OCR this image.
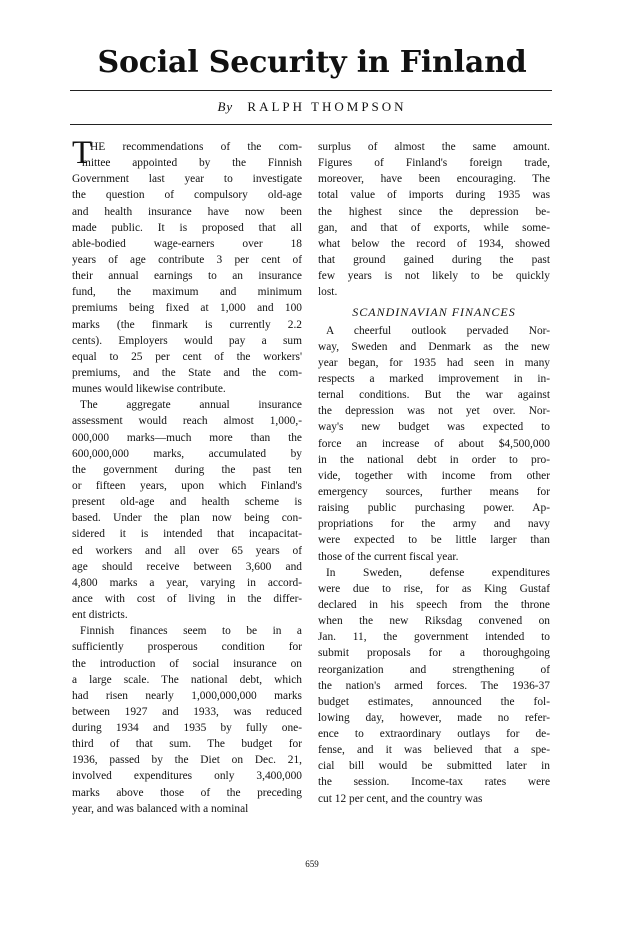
Social Security in Finland
By RALPH THOMPSON
T
HE recommendations of the com-
mittee appointed by the Finnish
Government last year to investigate
the question of compulsory old-age
and health insurance have now been
made public. It is proposed that all
able-bodied wage-earners over 18
years of age contribute 3 per cent of
their annual earnings to an insurance
fund, the maximum and minimum
premiums being fixed at 1,000 and 100
marks (the finmark is currently 2.2
cents). Employers would pay a sum
equal to 25 per cent of the workers'
premiums, and the State and the com-
munes would likewise contribute.
The aggregate annual insurance
assessment would reach almost 1,000,-
000,000 marks—much more than the
600,000,000 marks, accumulated by
the government during the past ten
or fifteen years, upon which Finland's
present old-age and health scheme is
based. Under the plan now being con-
sidered it is intended that incapacitat-
ed workers and all over 65 years of
age should receive between 3,600 and
4,800 marks a year, varying in accord-
ance with cost of living in the differ-
ent districts.
Finnish finances seem to be in a
sufficiently prosperous condition for
the introduction of social insurance on
a large scale. The national debt, which
had risen nearly 1,000,000,000 marks
between 1927 and 1933, was reduced
during 1934 and 1935 by fully one-
third of that sum. The budget for
1936, passed by the Diet on Dec. 21,
involved expenditures only 3,400,000
marks above those of the preceding
year, and was balanced with a nominal
surplus of almost the same amount.
Figures of Finland's foreign trade,
moreover, have been encouraging. The
total value of imports during 1935 was
the highest since the depression be-
gan, and that of exports, while some-
what below the record of 1934, showed
that ground gained during the past
few years is not likely to be quickly
lost.
SCANDINAVIAN FINANCES
A cheerful outlook pervaded Nor-
way, Sweden and Denmark as the new
year began, for 1935 had seen in many
respects a marked improvement in in-
ternal conditions. But the war against
the depression was not yet over. Nor-
way's new budget was expected to
force an increase of about $4,500,000
in the national debt in order to pro-
vide, together with income from other
emergency sources, further means for
raising public purchasing power. Ap-
propriations for the army and navy
were expected to be little larger than
those of the current fiscal year.
In Sweden, defense expenditures
were due to rise, for as King Gustaf
declared in his speech from the throne
when the new Riksdag convened on
Jan. 11, the government intended to
submit proposals for a thoroughgoing
reorganization and strengthening of
the nation's armed forces. The 1936-37
budget estimates, announced the fol-
lowing day, however, made no refer-
ence to extraordinary outlays for de-
fense, and it was believed that a spe-
cial bill would be submitted later in
the session. Income-tax rates were
cut 12 per cent, and the country was
659
